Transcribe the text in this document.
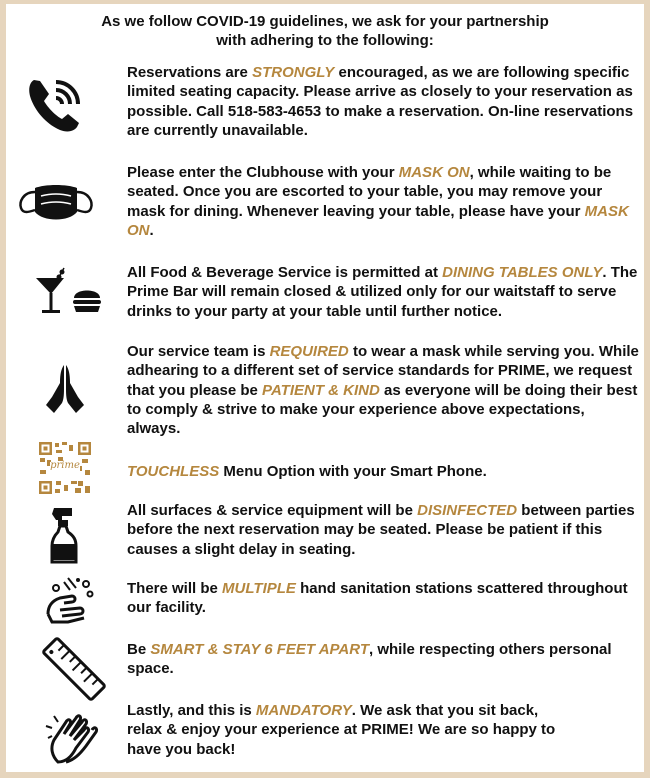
As we follow COVID-19 guidelines, we ask for your partnership
with adhering to the following:
Reservations are STRONGLY encouraged, as we are following specific limited seating capacity. Please arrive as closely to your reservation as possible. Call 518-583-4653 to make a reservation. On-line reservations are currently unavailable.
Please enter the Clubhouse with your MASK ON, while waiting to be seated. Once you are escorted to your table, you may remove your mask for dining. Whenever leaving your table, please have your MASK ON.
All Food & Beverage Service is permitted at DINING TABLES ONLY. The Prime Bar will remain closed & utilized only for our waitstaff to serve drinks to your party at your table until further notice.
Our service team is REQUIRED to wear a mask while serving you. While adhearing to a different set of service standards for PRIME, we request that you please be PATIENT & KIND as everyone will be doing their best to comply & strive to make your experience above expectations, always.
prime	TOUCHLESS Menu Option with your Smart Phone.
All surfaces & service equipment will be DISINFECTED between parties before the next reservation may be seated. Please be patient if this causes a slight delay in seating.
There will be MULTIPLE hand sanitation stations scattered throughout our facility.
Be SMART & STAY 6 FEET APART, while respecting others personal space.
Lastly, and this is MANDATORY. We ask that you sit back, relax & enjoy your experience at PRIME! We are so happy to have you back!
